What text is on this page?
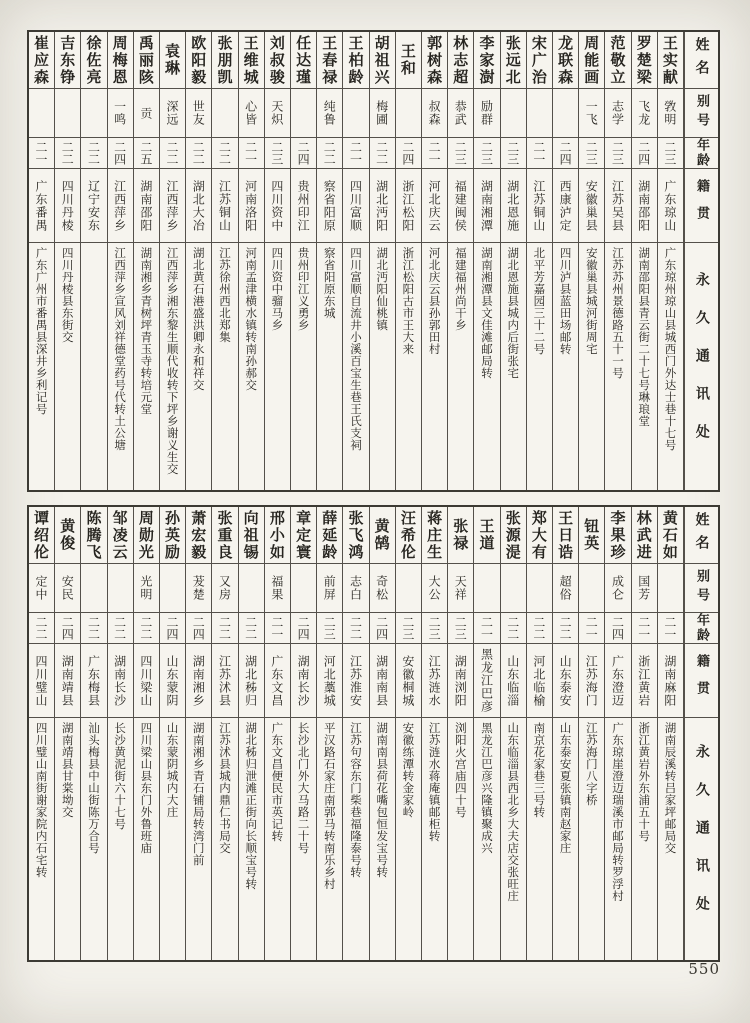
姓名
别号
年龄
籍贯
永久通讯处
王实献
敩明
二三
广东琼山
广东琼州琼山县城西门外达士巷十七号
罗楚梁
飞龙
二四
湖南邵阳
湖南邵阳县青云街二十七号琳琅堂
范敬立
志学
二三
江苏吴县
江苏苏州景德路五十一号
周能画
一飞
二三
安徽巢县
安徽巢县城河街周宅
龙联森
二四
西康泸定
四川泸县蓝田场邮转
宋广治
二一
江苏铜山
北平芳嘉园三十二号
张远北
二三
湖北恩施
湖北恩施县城内后街张宅
李家澍
励群
二三
湖南湘潭
湖南湘潭县文佳滩邮局转
林志超
恭武
二三
福建闽侯
福建福州尚干乡
郭树森
叔森
二一
河北庆云
河北庆云县孙郭田村
王和
二四
浙江松阳
浙江松阳古市王大来
胡祖兴
梅圃
二二
湖北沔阳
湖北沔阳仙桃镇
王柏龄
二一
四川富顺
四川富顺自流井小溪百宝生巷王氏支祠
王春禄
纯鲁
二二
察省阳原
察省阳原东城
任达瑾
二四
贵州印江
贵州印江义勇乡
刘叔骏
天炽
二三
四川资中
四川资中骝马乡
王维城
心皆
二一
河南洛阳
河南孟津横水镇转南孙郝交
张朋凯
二二
江苏铜山
江苏徐州西北郑集
欧阳毅
世友
二二
湖北大冶
湖北黄石港盛洪卿永和祥交
袁琳
深远
二二
江西萍乡
江西萍乡湘东黎生顺代收转下坪乡谢义生交
禹丽陔
贡
二五
湖南邵阳
湖南湘乡青树坪青玉寺转培元堂
周梅恩
一鸣
二四
江西萍乡
江西萍乡宣风刘祥德堂药号代转土公塘
徐佐亮
二二
辽宁安东
吉东铮
二二
四川丹棱
四川丹棱县东街交
崔应森
二一
广东番禺
广东广州市番禺县深井乡利记号
姓名
别号
年龄
籍贯
永久通讯处
黄石如
二一
湖南麻阳
湖南辰溪转吕家坪邮局交
林武进
国芳
二一
浙江黄岩
浙江黄岩外东浦五十号
李果珍
成仑
二四
广东澄迈
广东琼崖澄迈瑞溪市邮局转罗浮村
钮英
二一
江苏海门
江苏海门八字桥
王日诰
超俗
二二
山东泰安
山东泰安夏张镇南赵家庄
郑大有
二二
河北临榆
南京花家巷三号转
张源湜
二二
山东临淄
山东临淄县西北乡大夫店交张旺庄
王道
二一
黑龙江巴彦
黑龙江巴彦兴隆镇聚成兴
张禄
天祥
二三
湖南浏阳
浏阳火宫庙四十号
蒋庄生
大公
二三
江苏涟水
江苏涟水蒋庵镇邮柜转
汪希伦
二三
安徽桐城
安徽练潭转金家岭
黄鹄
奇松
二四
湖南南县
湖南南县荷花嘴包恒发宝号转
张飞鸿
志白
二二
江苏淮安
江苏句容东门柴巷福隆泰号转
薛延龄
前屏
二三
河北藁城
平汉路石家庄南郭马转南乐乡村
章定寰
二四
湖南长沙
长沙北门外大马路二十号
邢小如
福果
二一
广东文昌
广东文昌便民市英记转
向祖锡
二二
湖北秭归
湖北秭归泄滩正街向长顺宝号转
张重良
又房
二二
江苏沭县
江苏沭县城内鼎仁书局交
萧宏毅
茇楚
二四
湖南湘乡
湖南湘乡青石铺局转湾门前
孙英励
二四
山东蒙阴
山东蒙阴城内大庄
周勋光
光明
二二
四川梁山
四川梁山县东门外鲁班庙
邹凌云
二二
湖南长沙
长沙黄泥街六十七号
陈腾飞
二二
广东梅县
汕头梅县中山街陈万合号
黄俊
安民
二四
湖南靖县
湖南靖县甘棠坳交
谭绍伦
定中
二二
四川璧山
四川璧山南街谢家院内石宅转
550
